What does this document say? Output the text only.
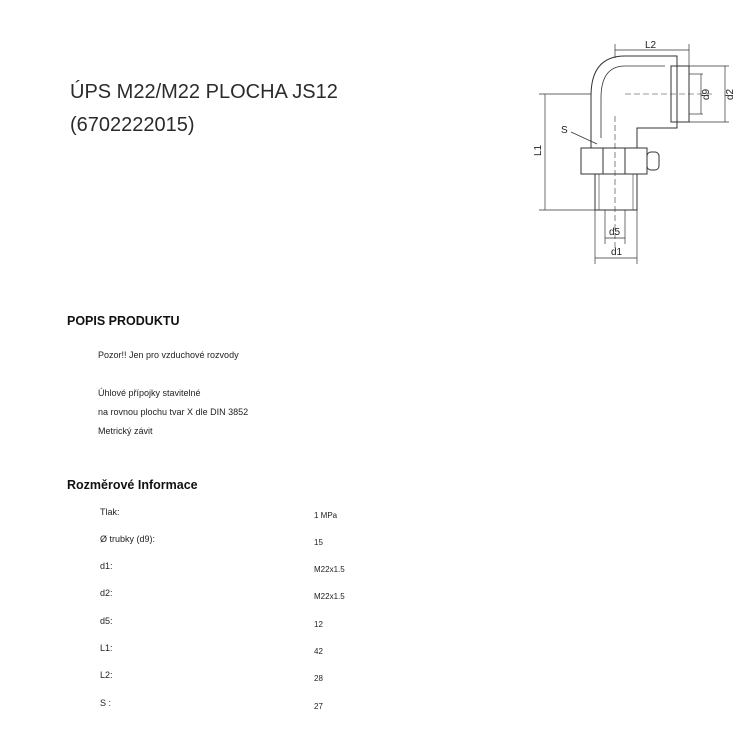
ÚPS M22/M22 PLOCHA JS12
(6702222015)
L2
d9 d2
L1
S
d5
d1
POPIS PRODUKTU

Pozor!! Jen pro vzduchové rozvody

Úhlové přípojky stavitelné

na rovnou plochu tvar X dle DIN 3852

Metrický závit

Rozměrové Informace
Tlak:	1 MPa
Ø trubky (d9):	15
d1:	M22x1.5
d2:	M22x1.5
d5:	12
L1:	42
L2:	28
S :	27
